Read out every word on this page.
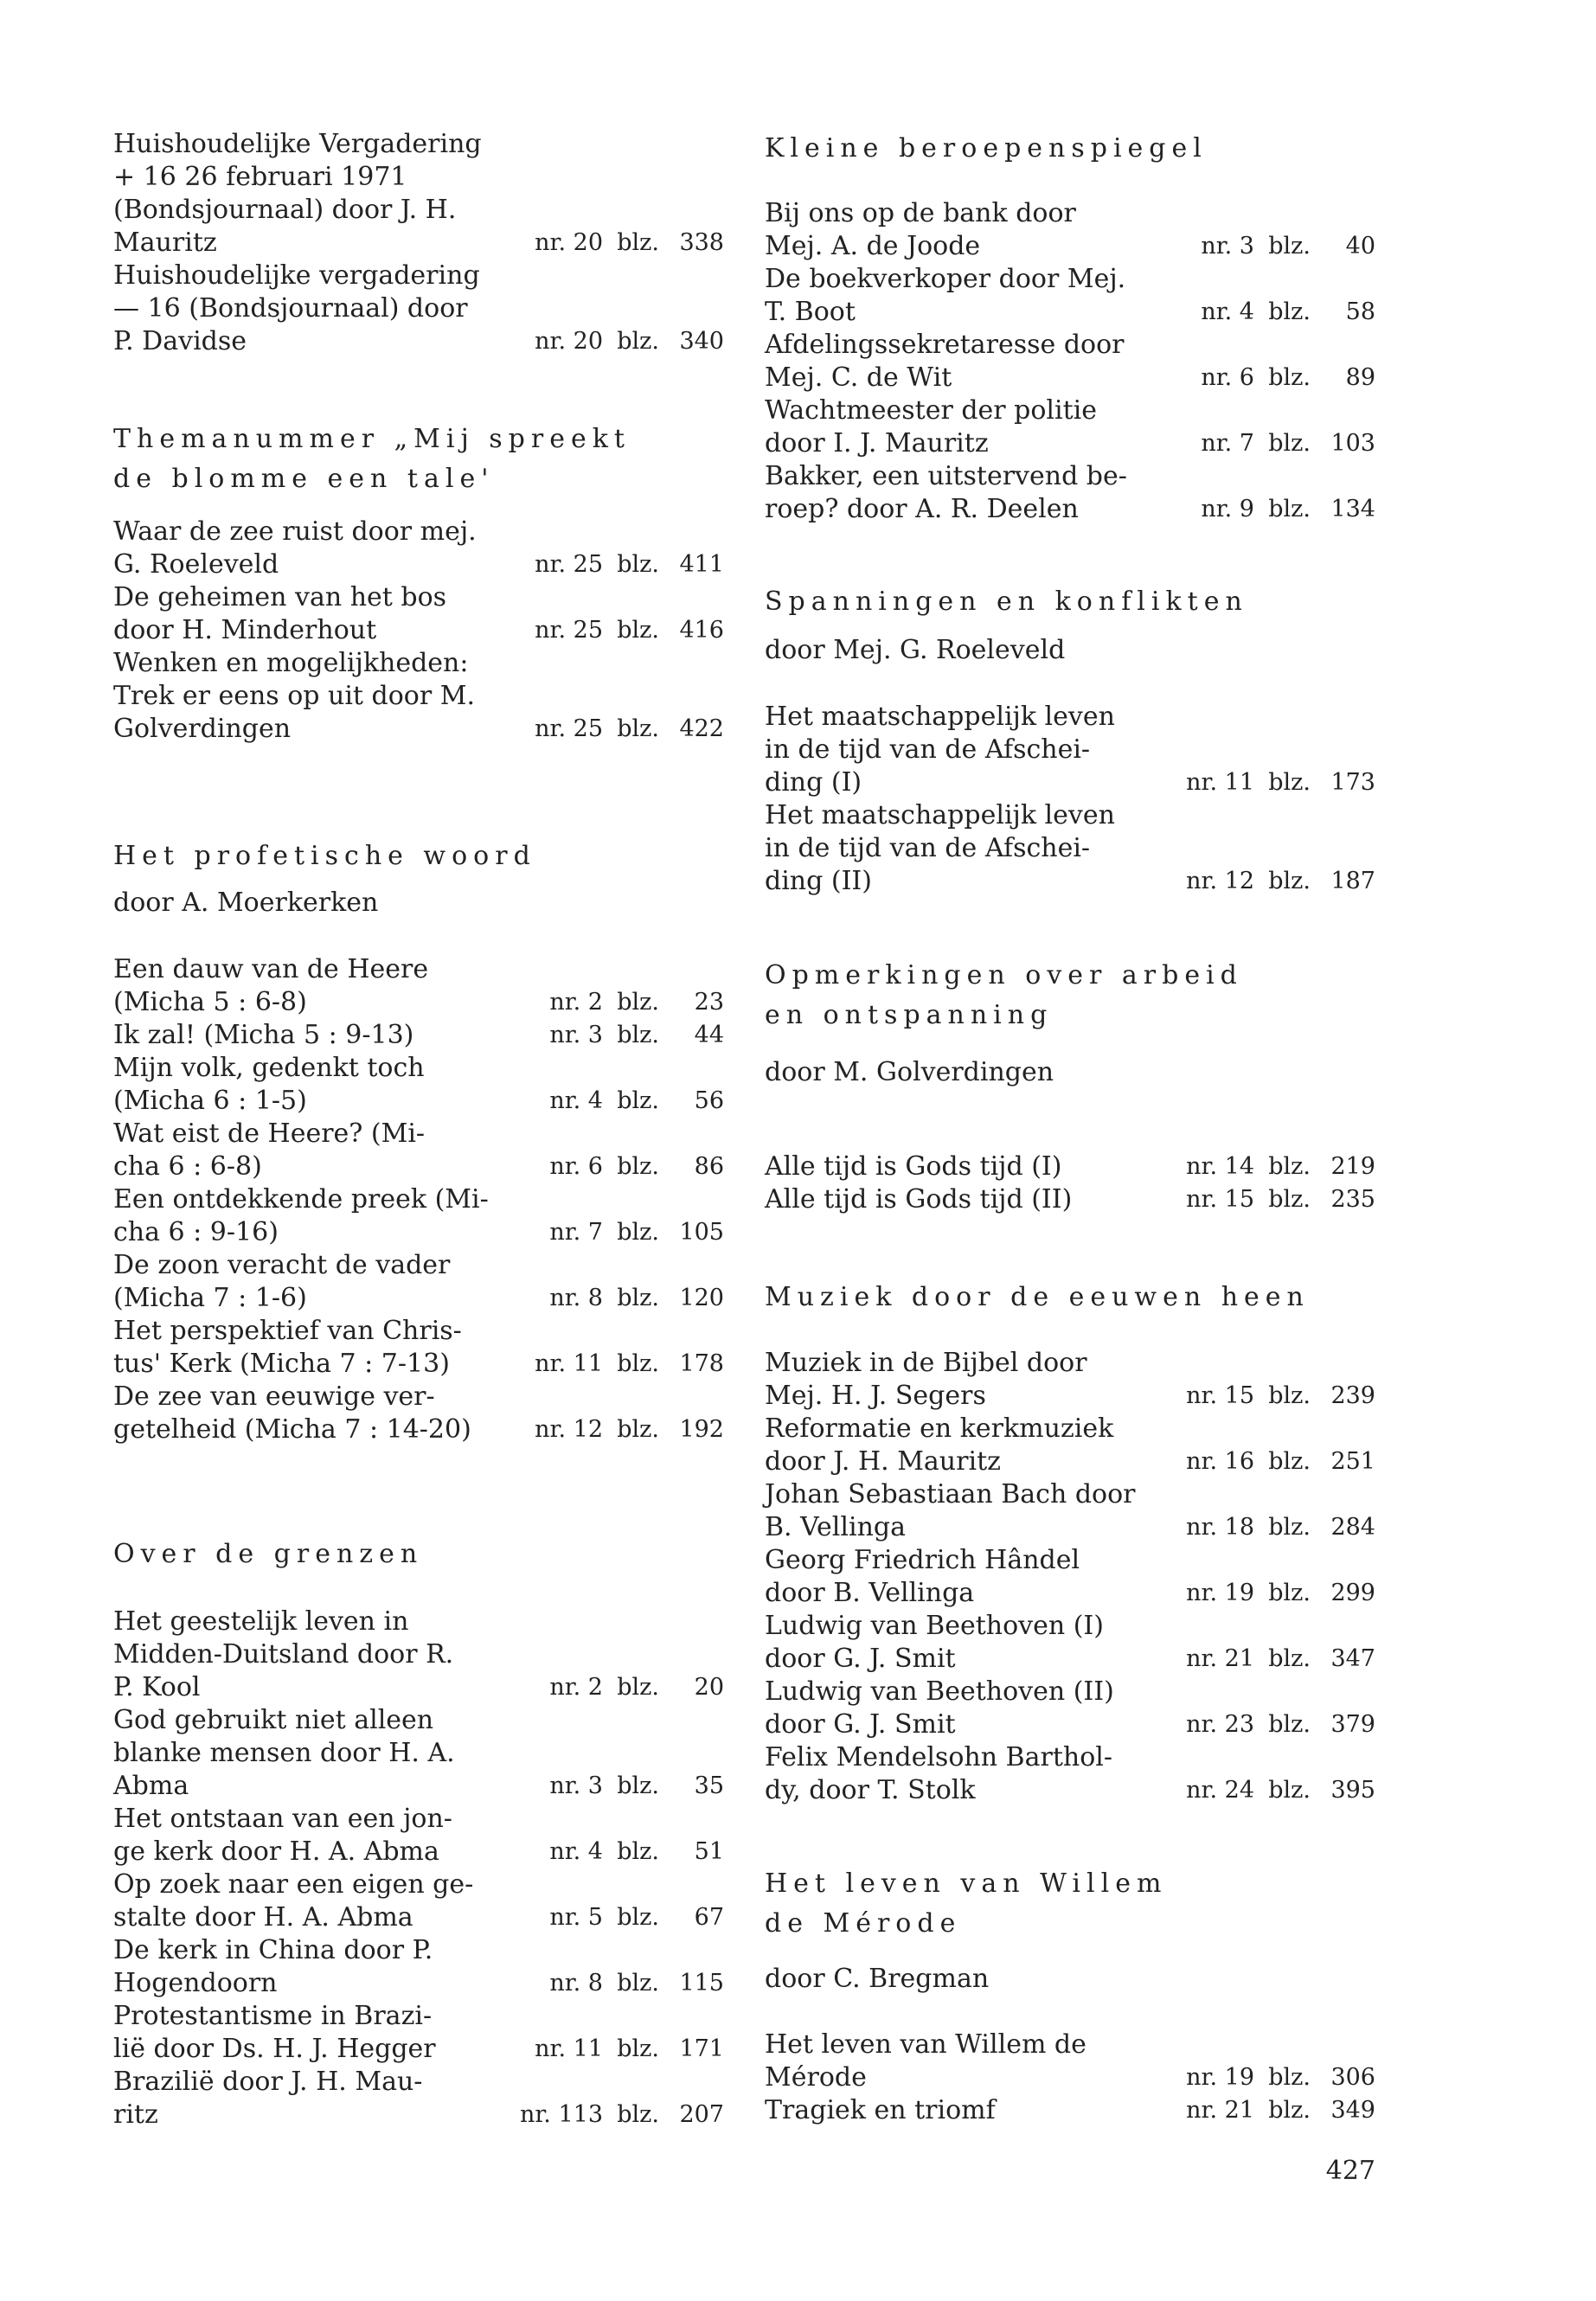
Huishoudelijke Vergadering
+ 16 26 februari 1971
(Bondsjournaal) door J. H.
Mauritz	nr. 20 blz. 338
Huishoudelijke vergadering
— 16 (Bondsjournaal) door
P. Davidse	nr. 20 blz. 340
Themanummer „Mij spreekt
de blomme een tale'
Waar de zee ruist door mej.
G. Roeleveld	nr. 25 blz. 411
De geheimen van het bos
door H. Minderhout	nr. 25 blz. 416
Wenken en mogelijkheden:
Trek er eens op uit door M.
Golverdingen	nr. 25 blz. 422
Het profetische woord
door A. Moerkerken
Een dauw van de Heere
(Micha 5 : 6-8)	nr. 2 blz. 23
Ik zal! (Micha 5 : 9-13)	nr. 3 blz. 44
Mijn volk, gedenkt toch
(Micha 6 : 1-5)	nr. 4 blz. 56
Wat eist de Heere? (Mi-
cha 6 : 6-8)	nr. 6 blz. 86
Een ontdekkende preek (Mi-
cha 6 : 9-16)	nr. 7 blz. 105
De zoon veracht de vader
(Micha 7 : 1-6)	nr. 8 blz. 120
Het perspektief van Chris-
tus' Kerk (Micha 7 : 7-13)	nr. 11 blz. 178
De zee van eeuwige ver-
getelheid (Micha 7 : 14-20)	nr. 12 blz. 192
Over de grenzen
Het geestelijk leven in
Midden-Duitsland door R.
P. Kool	nr. 2 blz. 20
God gebruikt niet alleen
blanke mensen door H. A.
Abma	nr. 3 blz. 35
Het ontstaan van een jon-
ge kerk door H. A. Abma	nr. 4 blz. 51
Op zoek naar een eigen ge-
stalte door H. A. Abma	nr. 5 blz. 67
De kerk in China door P.
Hogendoorn	nr. 8 blz. 115
Protestantisme in Brazi-
lië door Ds. H. J. Hegger	nr. 11 blz. 171
Brazilië door J. H. Mau-
ritz	nr. 113 blz. 207
Kleine beroepenspiegel
Bij ons op de bank door
Mej. A. de Joode	nr. 3 blz. 40
De boekverkoper door Mej.
T. Boot	nr. 4 blz. 58
Afdelingssekretaresse door
Mej. C. de Wit	nr. 6 blz. 89
Wachtmeester der politie
door I. J. Mauritz	nr. 7 blz. 103
Bakker, een uitstervend be-
roep? door A. R. Deelen	nr. 9 blz. 134
Spanningen en konflikten
door Mej. G. Roeleveld
Het maatschappelijk leven
in de tijd van de Afschei-
ding (I)	nr. 11 blz. 173
Het maatschappelijk leven
in de tijd van de Afschei-
ding (II)	nr. 12 blz. 187
Opmerkingen over arbeid
en ontspanning
door M. Golverdingen
Alle tijd is Gods tijd (I)	nr. 14 blz. 219
Alle tijd is Gods tijd (II)	nr. 15 blz. 235
Muziek door de eeuwen heen
Muziek in de Bijbel door
Mej. H. J. Segers	nr. 15 blz. 239
Reformatie en kerkmuziek
door J. H. Mauritz	nr. 16 blz. 251
Johan Sebastiaan Bach door
B. Vellinga	nr. 18 blz. 284
Georg Friedrich Hândel
door B. Vellinga	nr. 19 blz. 299
Ludwig van Beethoven (I)
door G. J. Smit	nr. 21 blz. 347
Ludwig van Beethoven (II)
door G. J. Smit	nr. 23 blz. 379
Felix Mendelsohn Barthol-
dy, door T. Stolk	nr. 24 blz. 395
Het leven van Willem
de Mérode
door C. Bregman
Het leven van Willem de
Mérode	nr. 19 blz. 306
Tragiek en triomf	nr. 21 blz. 349
427
